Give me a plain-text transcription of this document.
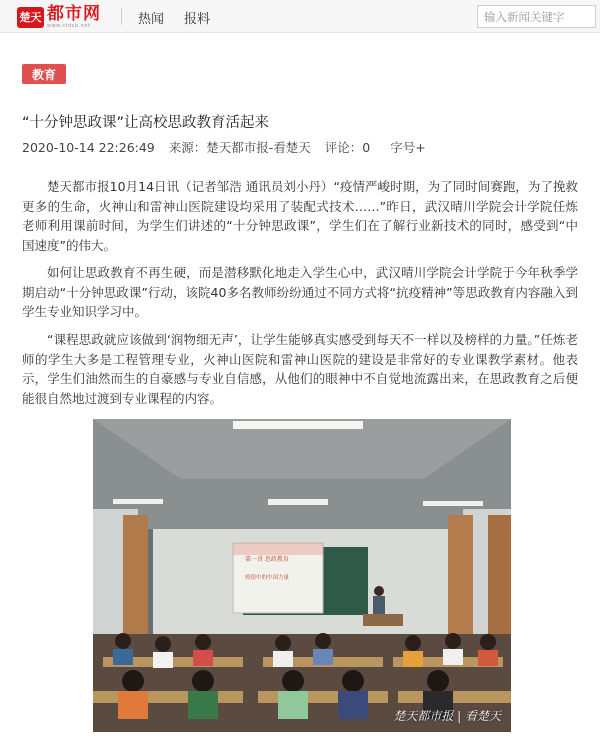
楚天 都市网
www.ctdsb.net	热闻 报料
输入新闻关键字
教育
“十分钟思政课”让高校思政教育活起来
2020-10-14 22:26:49 来源：楚天都市报-看楚天 评论：0 字号+

楚天都市报10月14日讯（记者邹浩 通讯员刘小丹）“疫情严峻时期，为了同时间赛跑，为了挽救更多的生命，火神山和雷神山医院建设均采用了装配式技术……”昨日，武汉晴川学院会计学院任炼老师利用课前时间，为学生们讲述的“十分钟思政课”，学生们在了解行业新技术的同时，感受到“中国速度”的伟大。

如何让思政教育不再生硬，而是潜移默化地走入学生心中，武汉晴川学院会计学院于今年秋季学期启动“十分钟思政课”行动，该院40多名教师纷纷通过不同方式将“抗疫精神”等思政教育内容融入到学生专业知识学习中。

“课程思政就应该做到‘润物细无声’，让学生能够真实感受到每天不一样以及榜样的力量。”任炼老师的学生大多是工程管理专业，火神山医院和雷神山医院的建设是非常好的专业课教学素材。他表示，学生们油然而生的自豪感与专业自信感，从他们的眼神中不自觉地流露出来，在思政教育之后便能很自然地过渡到专业课程的内容。

第一讲 思政教育
疫情中的中国力量
楚天都市报 | 看楚天
